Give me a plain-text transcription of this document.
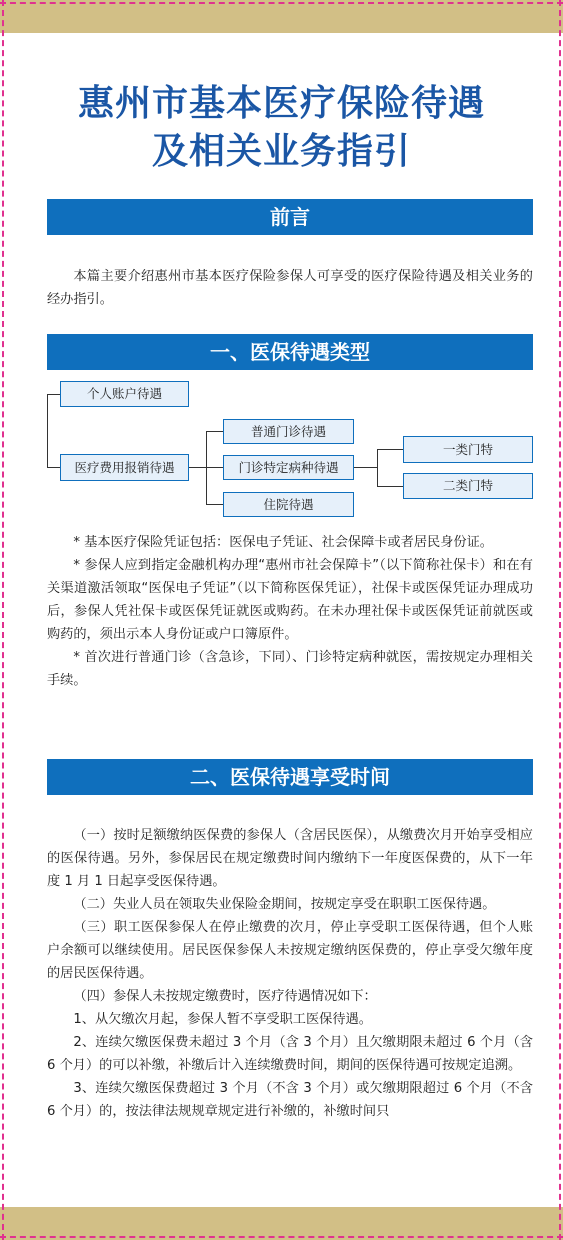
惠州市基本医疗保险待遇
及相关业务指引
前言

本篇主要介绍惠州市基本医疗保险参保人可享受的医疗保险待遇及相关业务的经办指引。

一、医保待遇类型
个人账户待遇
医疗费用报销待遇
普通门诊待遇
门诊特定病种待遇
住院待遇
一类门特
二类门特

* 基本医疗保险凭证包括：医保电子凭证、社会保障卡或者居民身份证。

* 参保人应到指定金融机构办理“惠州市社会保障卡”（以下简称社保卡）和在有关渠道激活领取“医保电子凭证”（以下简称医保凭证），社保卡或医保凭证办理成功后，参保人凭社保卡或医保凭证就医或购药。在未办理社保卡或医保凭证前就医或购药的，须出示本人身份证或户口簿原件。

* 首次进行普通门诊（含急诊，下同）、门诊特定病种就医，需按规定办理相关手续。

二、医保待遇享受时间

（一）按时足额缴纳医保费的参保人（含居民医保），从缴费次月开始享受相应的医保待遇。另外，参保居民在规定缴费时间内缴纳下一年度医保费的，从下一年度 1 月 1 日起享受医保待遇。

（二）失业人员在领取失业保险金期间，按规定享受在职职工医保待遇。

（三）职工医保参保人在停止缴费的次月，停止享受职工医保待遇，但个人账户余额可以继续使用。居民医保参保人未按规定缴纳医保费的，停止享受欠缴年度的居民医保待遇。

（四）参保人未按规定缴费时，医疗待遇情况如下：

1、从欠缴次月起，参保人暂不享受职工医保待遇。

2、连续欠缴医保费未超过 3 个月（含 3 个月）且欠缴期限未超过 6 个月（含 6 个月）的可以补缴，补缴后计入连续缴费时间，期间的医保待遇可按规定追溯。

3、连续欠缴医保费超过 3 个月（不含 3 个月）或欠缴期限超过 6 个月（不含 6 个月）的，按法律法规规章规定进行补缴的，补缴时间只
